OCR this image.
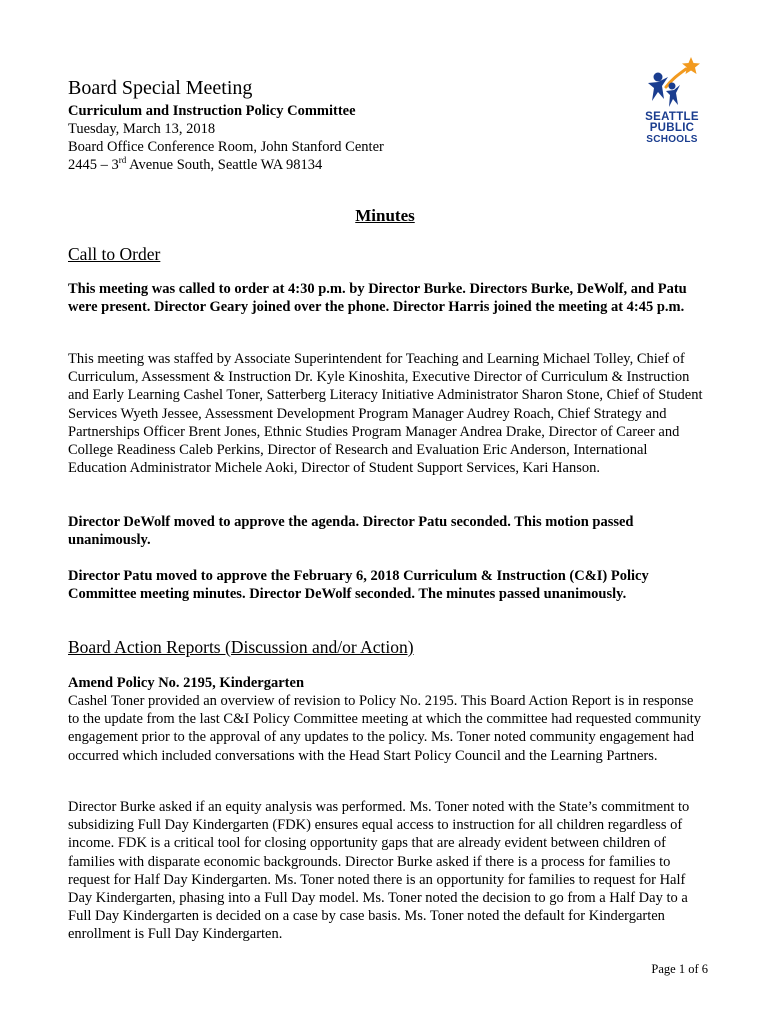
Board Special Meeting

Curriculum and Instruction Policy Committee

Tuesday, March 13, 2018

Board Office Conference Room, John Stanford Center

2445 – 3rd Avenue South, Seattle WA 98134

SEATTLE
PUBLIC
SCHOOLS
Minutes
Call to Order

This meeting was called to order at 4:30 p.m. by Director Burke. Directors Burke, DeWolf, and Patu were present. Director Geary joined over the phone. Director Harris joined the meeting at 4:45 p.m.

This meeting was staffed by Associate Superintendent for Teaching and Learning Michael Tolley, Chief of Curriculum, Assessment & Instruction Dr. Kyle Kinoshita, Executive Director of Curriculum & Instruction and Early Learning Cashel Toner, Satterberg Literacy Initiative Administrator Sharon Stone, Chief of Student Services Wyeth Jessee, Assessment Development Program Manager Audrey Roach, Chief Strategy and Partnerships Officer Brent Jones, Ethnic Studies Program Manager Andrea Drake, Director of Career and College Readiness Caleb Perkins, Director of Research and Evaluation Eric Anderson, International Education Administrator Michele Aoki, Director of Student Support Services, Kari Hanson.

Director DeWolf moved to approve the agenda. Director Patu seconded. This motion passed unanimously.

Director Patu moved to approve the February 6, 2018 Curriculum & Instruction (C&I) Policy Committee meeting minutes. Director DeWolf seconded. The minutes passed unanimously.

Board Action Reports (Discussion and/or Action)

Amend Policy No. 2195, Kindergarten

Cashel Toner provided an overview of revision to Policy No. 2195. This Board Action Report is in response to the update from the last C&I Policy Committee meeting at which the committee had requested community engagement prior to the approval of any updates to the policy. Ms. Toner noted community engagement had occurred which included conversations with the Head Start Policy Council and the Learning Partners.

Director Burke asked if an equity analysis was performed. Ms. Toner noted with the State’s commitment to subsidizing Full Day Kindergarten (FDK) ensures equal access to instruction for all children regardless of income. FDK is a critical tool for closing opportunity gaps that are already evident between children of families with disparate economic backgrounds. Director Burke asked if there is a process for families to request for Half Day Kindergarten. Ms. Toner noted there is an opportunity for families to request for Half Day Kindergarten, phasing into a Full Day model. Ms. Toner noted the decision to go from a Half Day to a Full Day Kindergarten is decided on a case by case basis. Ms. Toner noted the default for Kindergarten enrollment is Full Day Kindergarten.

Page 1 of 6
